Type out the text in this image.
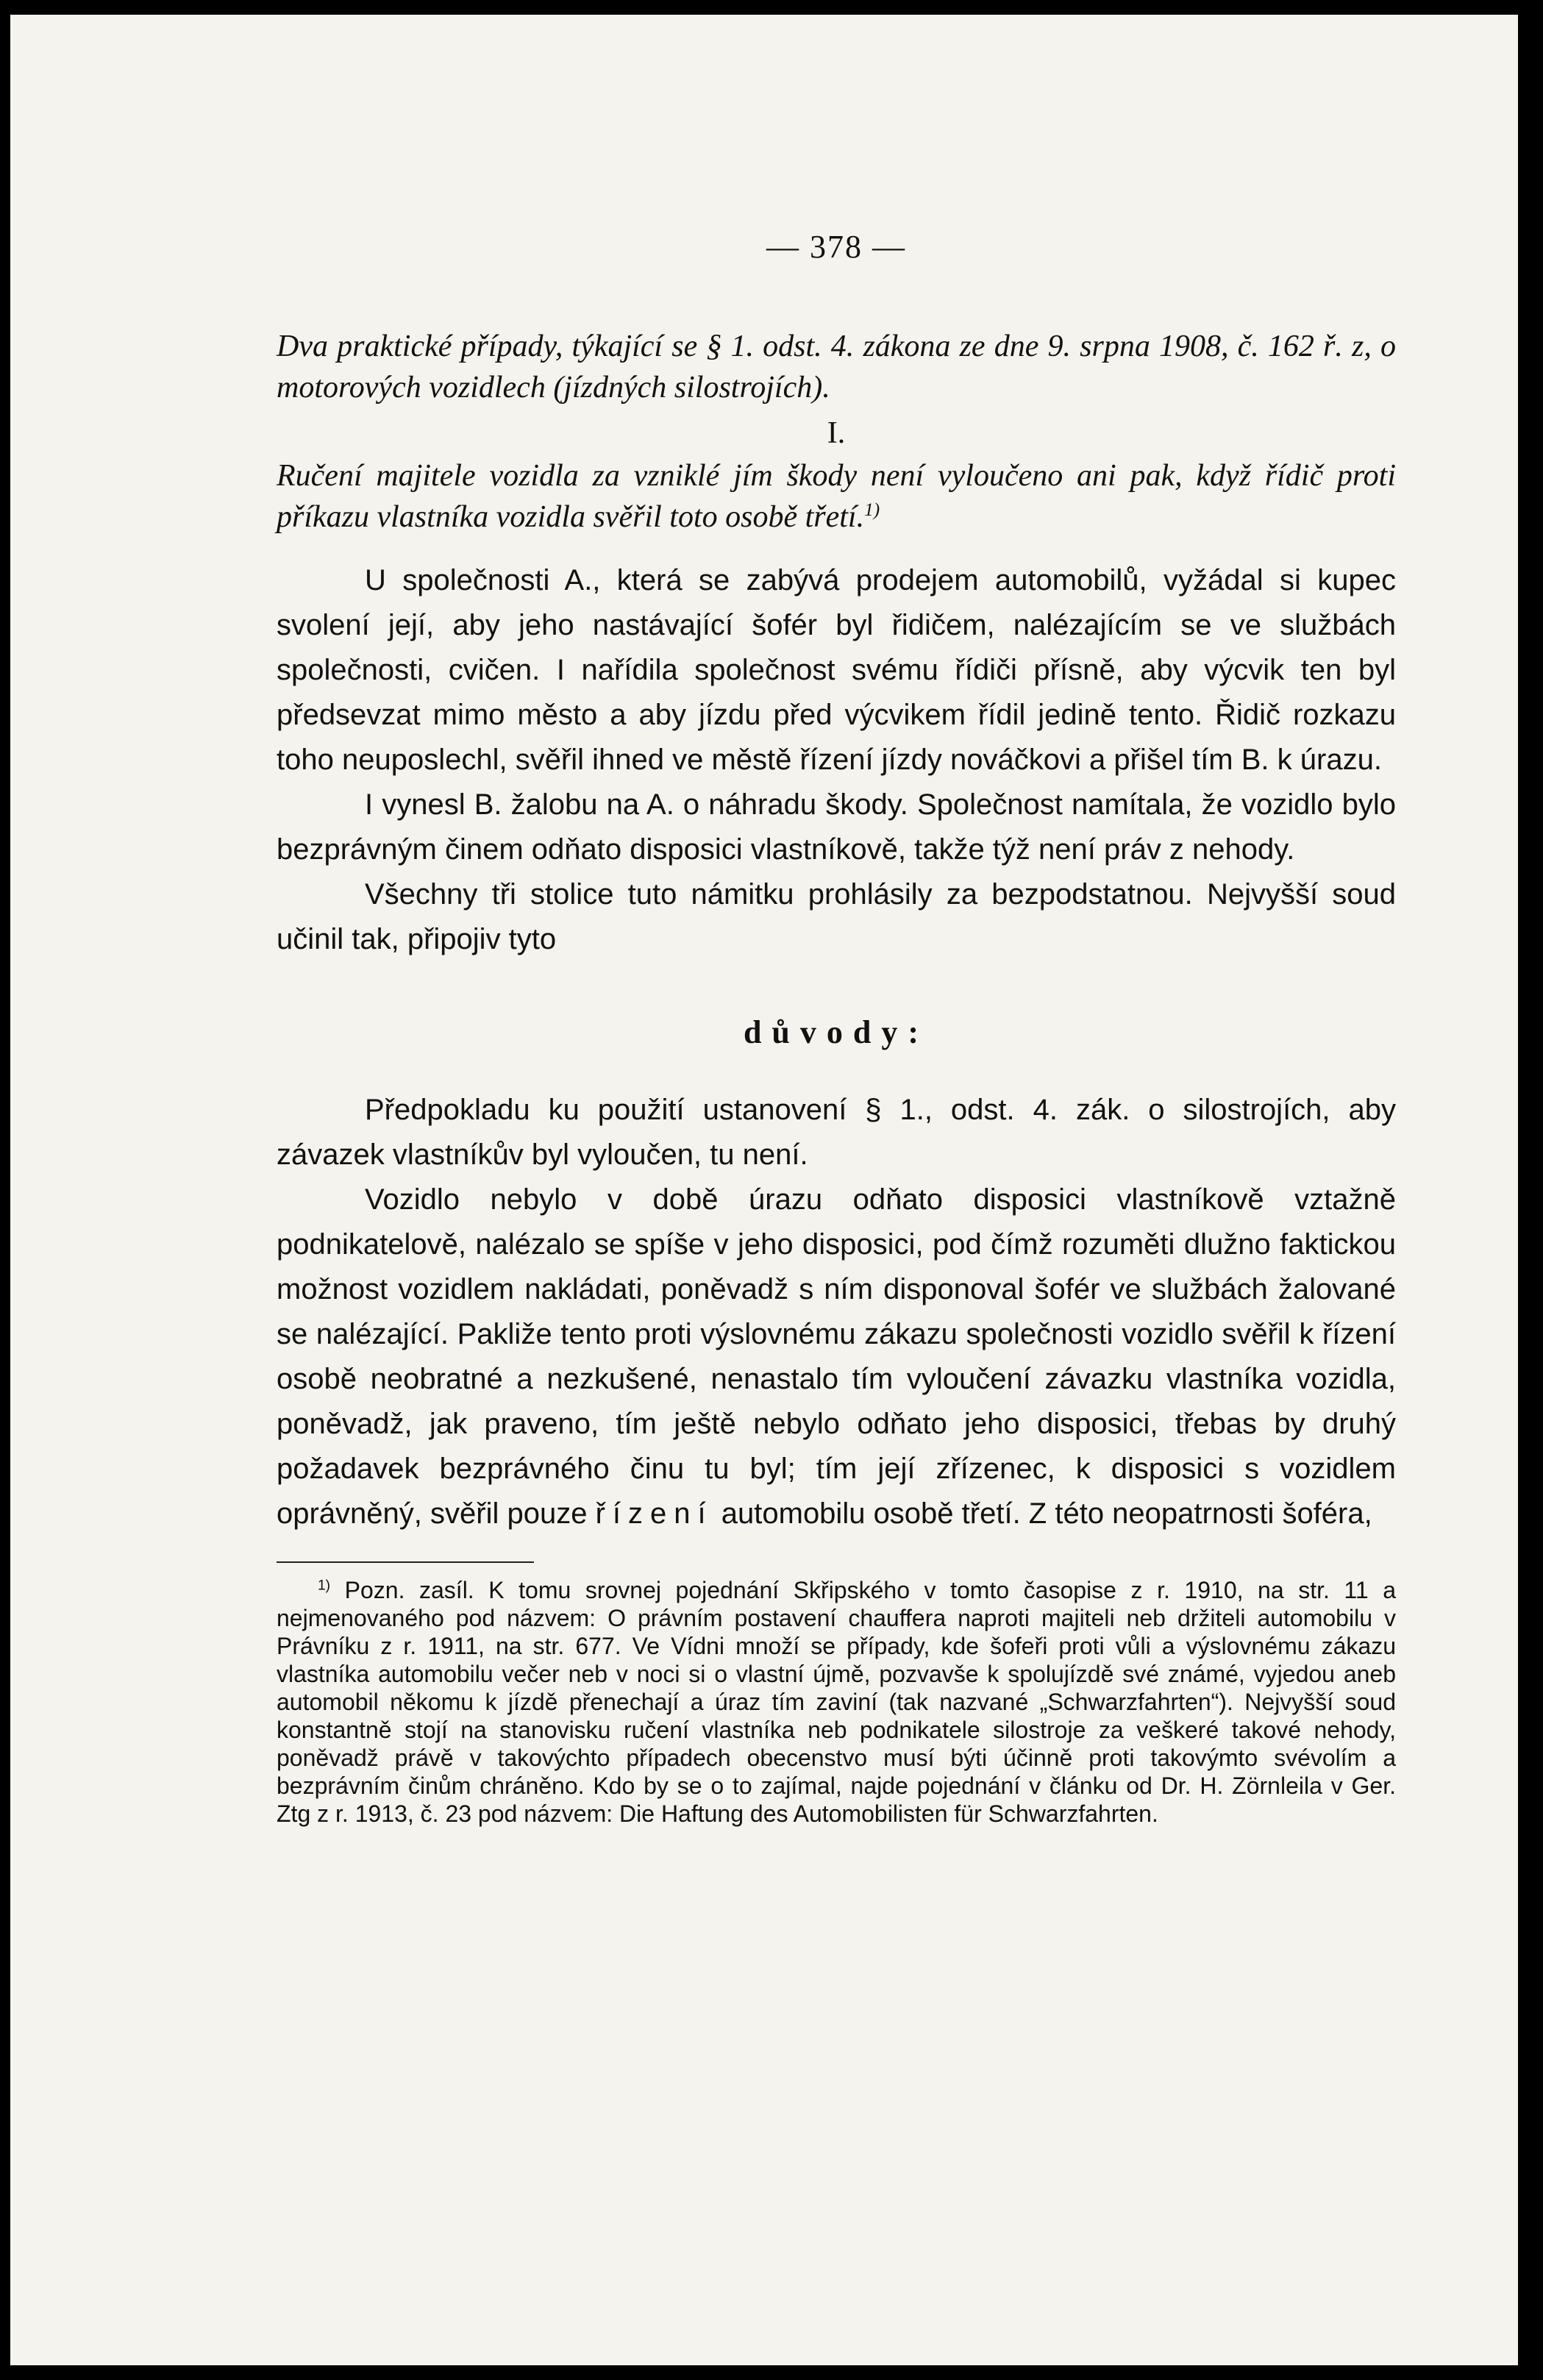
— 378 —

Dva praktické případy, týkající se § 1. odst. 4. zákona ze dne 9. srpna 1908, č. 162 ř. z, o motorových vozidlech (jízdných silostrojích).

I.

Ručení majitele vozidla za vzniklé jím škody není vyloučeno ani pak, když řídič proti příkazu vlastníka vozidla svěřil toto osobě třetí.$^{1)}$

U společnosti A., která se zabývá prodejem automobilů, vyžádal si kupec svolení její, aby jeho nastávající šofér byl řidičem, nalézajícím se ve službách společnosti, cvičen. I nařídila společnost svému řídiči přísně, aby výcvik ten byl předsevzat mimo město a aby jízdu před výcvikem řídil jedině tento. Řidič rozkazu toho neuposlechl, svěřil ihned ve městě řízení jízdy nováčkovi a přišel tím B. k úrazu.

I vynesl B. žalobu na A. o náhradu škody. Společnost namítala, že vozidlo bylo bezprávným činem odňato disposici vlastníkově, takže týž není práv z nehody.

Všechny tři stolice tuto námitku prohlásily za bezpodstatnou. Nejvyšší soud učinil tak, připojiv tyto

důvody:

Předpokladu ku použití ustanovení § 1., odst. 4. zák. o silostrojích, aby závazek vlastníkův byl vyloučen, tu není.

Vozidlo nebylo v době úrazu odňato disposici vlastníkově vztažně podnikatelově, nalézalo se spíše v jeho disposici, pod čímž rozuměti dlužno faktickou možnost vozidlem nakládati, poněvadž s ním disponoval šofér ve službách žalované se nalézající. Pakliže tento proti výslovnému zákazu společnosti vozidlo svěřil k řízení osobě neobratné a nezkušené, nenastalo tím vyloučení závazku vlastníka vozidla, poněvadž, jak praveno, tím ještě nebylo odňato jeho disposici, třebas by druhý požadavek bezprávného činu tu byl; tím její zřízenec, k disposici s vozidlem oprávněný, svěřil pouze řízení automobilu osobě třetí. Z této neopatrnosti šoféra,

$^{1)}$ Pozn. zasíl. K tomu srovnej pojednání Skřipského v tomto časopise z r. 1910, na str. 11 a nejmenovaného pod názvem: O právním postavení chauffera naproti majiteli neb držiteli automobilu v Právníku z r. 1911, na str. 677. Ve Vídni množí se případy, kde šofeři proti vůli a výslovnému zákazu vlastníka automobilu večer neb v noci si o vlastní újmě, pozvavše k spolujízdě své známé, vyjedou aneb automobil někomu k jízdě přenechají a úraz tím zaviní (tak nazvané „Schwarzfahrten“). Nejvyšší soud konstantně stojí na stanovisku ručení vlastníka neb podnikatele silostroje za veškeré takové nehody, poněvadž právě v takovýchto případech obecenstvo musí býti účinně proti takovýmto svévolím a bezprávním činům chráněno. Kdo by se o to zajímal, najde pojednání v článku od Dr. H. Zörnleila v Ger. Ztg z r. 1913, č. 23 pod názvem: Die Haftung des Automobilisten für Schwarzfahrten.
